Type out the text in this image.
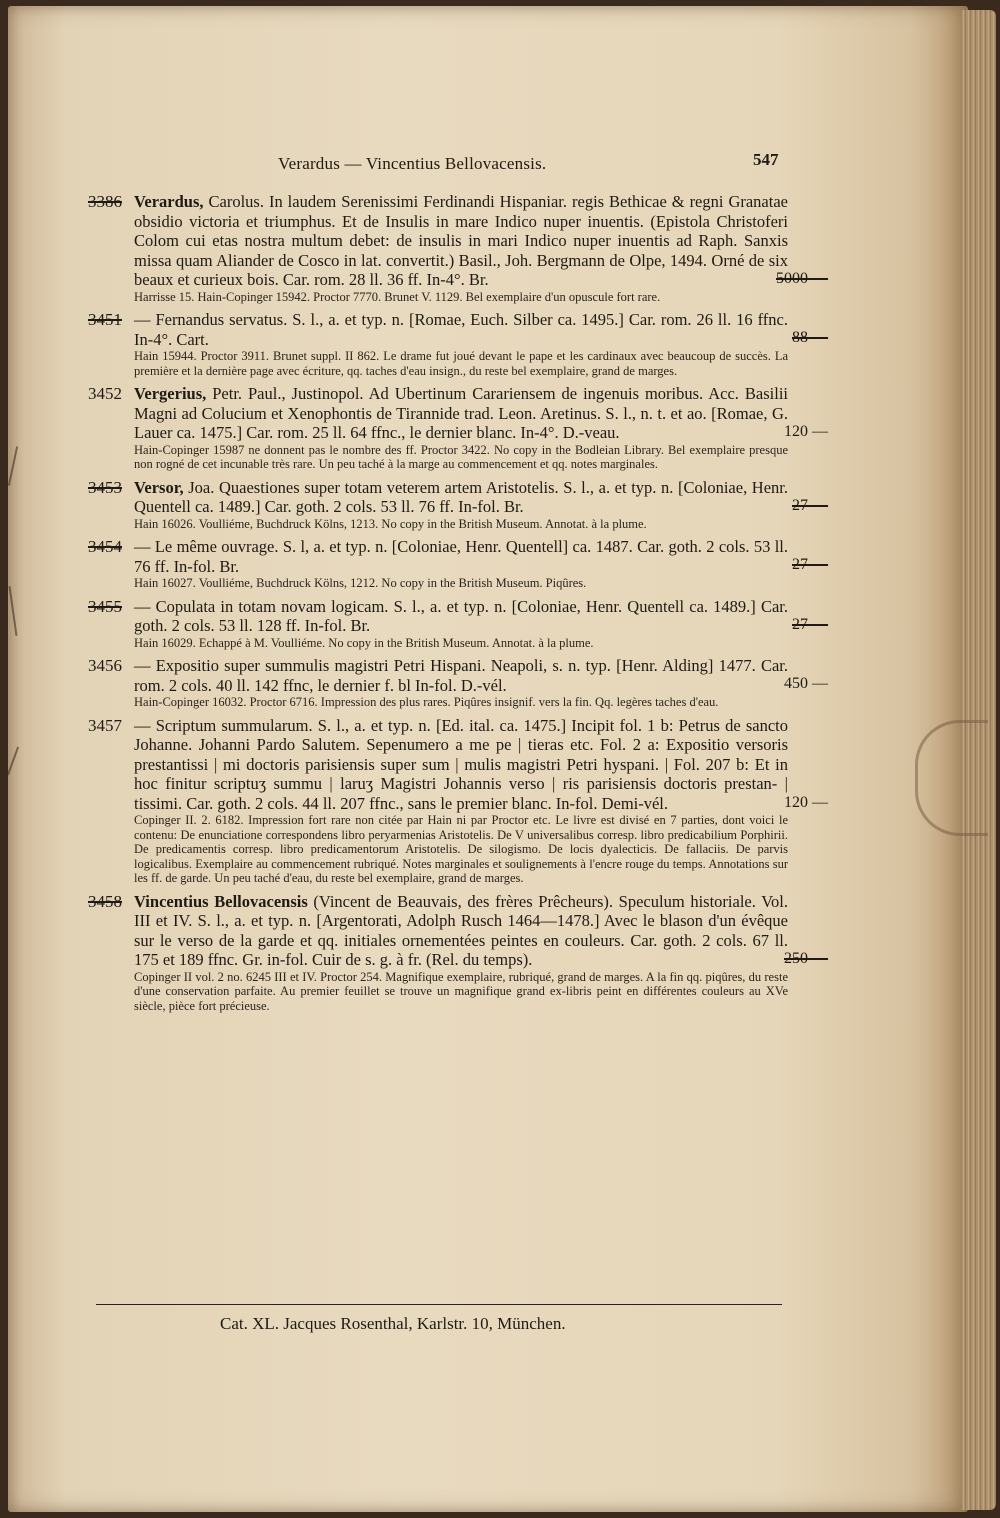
Verardus — Vincentius Bellovacensis.	547
3386 Verardus, Carolus. In laudem Serenissimi Ferdinandi Hispaniar. regis Bethicae & regni Granatae obsidio victoria et triumphus. Et de Insulis in mare Indico nuper inuentis. (Epistola Christoferi Colom cui etas nostra multum debet: de insulis in mari Indico nuper inuentis ad Raph. Sanxis missa quam Aliander de Cosco in lat. convertit.) Basil., Joh. Bergmann de Olpe, 1494. Orné de six beaux et curieux bois. Car. rom. 28 ll. 36 ff. In-4°. Br.
Harrisse 15. Hain-Copinger 15942. Proctor 7770. Brunet V. 1129. Bel exemplaire d'un opuscule fort rare.
5000 —
3451 — Fernandus servatus. S. l., a. et typ. n. [Romae, Euch. Silber ca. 1495.] Car. rom. 26 ll. 16 ffnc. In-4°. Cart.
Hain 15944. Proctor 3911. Brunet suppl. II 862. Le drame fut joué devant le pape et les cardinaux avec beaucoup de succès. La première et la dernière page avec écriture, qq. taches d'eau insign., du reste bel exemplaire, grand de marges.
88 —
3452 Vergerius, Petr. Paul., Justinopol. Ad Ubertinum Carariensem de ingenuis moribus. Acc. Basilii Magni ad Colucium et Xenophontis de Tirannide trad. Leon. Aretinus. S. l., n. t. et ao. [Romae, G. Lauer ca. 1475.] Car. rom. 25 ll. 64 ffnc., le dernier blanc. In-4°. D.-veau.
Hain-Copinger 15987 ne donnent pas le nombre des ff. Proctor 3422. No copy in the Bodleian Library. Bel exemplaire presque non rogné de cet incunable très rare. Un peu taché à la marge au commencement et qq. notes marginales.
120 —
3453 Versor, Joa. Quaestiones super totam veterem artem Aristotelis. S. l., a. et typ. n. [Coloniae, Henr. Quentell ca. 1489.] Car. goth. 2 cols. 53 ll. 76 ff. In-fol. Br.
Hain 16026. Voulliéme, Buchdruck Kölns, 1213. No copy in the British Museum. Annotat. à la plume.
27 —
3454 — Le même ouvrage. S. l, a. et typ. n. [Coloniae, Henr. Quentell] ca. 1487. Car. goth. 2 cols. 53 ll. 76 ff. In-fol. Br.
Hain 16027. Voulliéme, Buchdruck Kölns, 1212. No copy in the British Museum. Piqûres.
27 —
3455 — Copulata in totam novam logicam. S. l., a. et typ. n. [Coloniae, Henr. Quentell ca. 1489.] Car. goth. 2 cols. 53 ll. 128 ff. In-fol. Br.
Hain 16029. Echappé à M. Voulliéme. No copy in the British Museum. Annotat. à la plume.
27 —
3456 — Expositio super summulis magistri Petri Hispani. Neapoli, s. n. typ. [Henr. Alding] 1477. Car. rom. 2 cols. 40 ll. 142 ffnc, le dernier f. bl In-fol. D.-vél.
Hain-Copinger 16032. Proctor 6716. Impression des plus rares. Piqûres insignif. vers la fin. Qq. legères taches d'eau.
450 —
3457 — Scriptum summularum. S. l., a. et typ. n. [Ed. ital. ca. 1475.] Incipit fol. 1 b: Petrus de sancto Johanne. Johanni Pardo Salutem. Sepenumero a me pe | tieras etc. Fol. 2 a: Expositio versoris prestantissi | mi doctoris parisiensis super sum | mulis magistri Petri hyspani. | Fol. 207 b: Et in hoc finitur scriptuʒ summu | laruʒ Magistri Johannis verso | ris parisiensis doctoris prestan- | tissimi. Car. goth. 2 cols. 44 ll. 207 ffnc., sans le premier blanc. In-fol. Demi-vél.
Copinger II. 2. 6182. Impression fort rare non citée par Hain ni par Proctor etc. Le livre est divisé en 7 parties, dont voici le contenu: De enunciatione correspondens libro peryarmenias Aristotelis. De V universalibus corresp. libro predicabilium Porphirii. De predicamentis corresp. libro predicamentorum Aristotelis. De silogismo. De locis dyalecticis. De fallaciis. De parvis logicalibus. Exemplaire au commencement rubriqué. Notes marginales et soulignements à l'encre rouge du temps. Annotations sur les ff. de garde. Un peu taché d'eau, du reste bel exemplaire, grand de marges.
120 —
3458 Vincentius Bellovacensis (Vincent de Beauvais, des frères Prêcheurs). Speculum historiale. Vol. III et IV. S. l., a. et typ. n. [Argentorati, Adolph Rusch 1464—1478.] Avec le blason d'un évêque sur le verso de la garde et qq. initiales ornementées peintes en couleurs. Car. goth. 2 cols. 67 ll. 175 et 189 ffnc. Gr. in-fol. Cuir de s. g. à fr. (Rel. du temps).
Copinger II vol. 2 no. 6245 III et IV. Proctor 254. Magnifique exemplaire, rubriqué, grand de marges. A la fin qq. piqûres, du reste d'une conservation parfaite. Au premier feuillet se trouve un magnifique grand ex-libris peint en différentes couleurs au XVe siècle, pièce fort précieuse.
250 —
Cat. XL. Jacques Rosenthal, Karlstr. 10, München.
